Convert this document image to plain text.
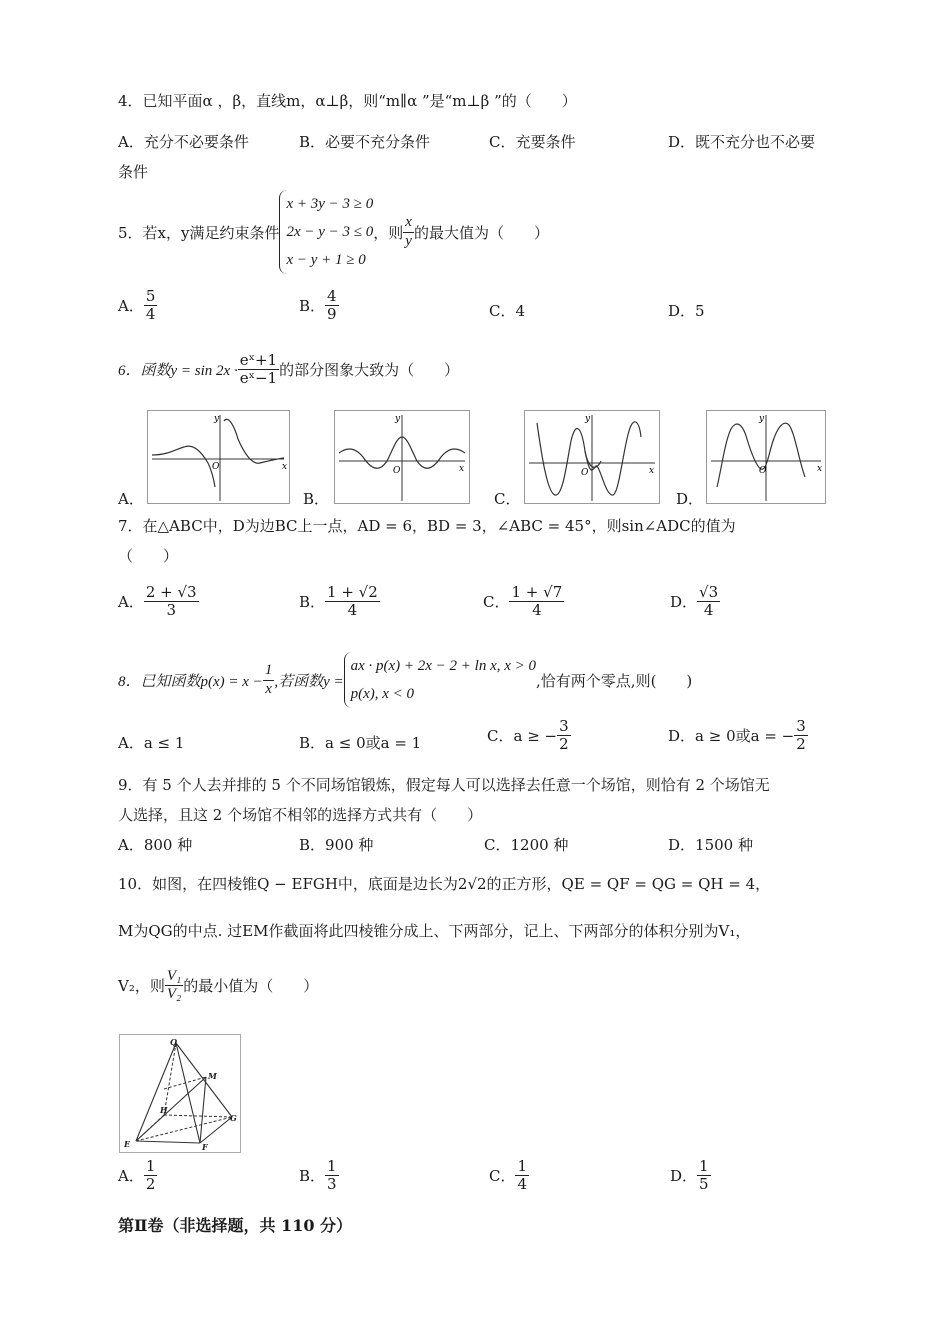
4．已知平面α ，β，直线m，α⊥β，则“m∥α ”是“m⊥β ”的（　　）
A．充分不必要条件	B．必要不充分条件	C．充要条件	D．既不充分也不必要
条件
5．若x，y满足约束条件
x + 3y − 3 ≥ 0
2x − y − 3 ≤ 0
x − y + 1 ≥ 0
，则 $\frac{x}{y}$ 的最大值为（　　）
A． $\frac{5}{4}$	B． $\frac{4}{9}$	C．4	D．5
6．函数$y = \sin 2x \cdot \frac{\text{eˣ+1}}{\text{eˣ−1}}$ 的部分图象大致为（　　）
A．	B．	C．	D．
x
y
O	x
y
O	x
y
O	x
y
O
7．在△ABC中，D为边BC上一点，AD = 6，BD = 3，∠ABC = 45°，则sin∠ADC的值为
（　　）
A． $\frac{2 + √3}{3}$	B． $\frac{1 + √2}{4}$	C． $\frac{1 + √7}{4}$	D． $\frac{√3}{4}$
8．已知函数$p(x) = x - \frac{1}{x}$ ,若函数y =
ax · p(x) + 2x − 2 + ln x, x > 0
p(x), x < 0
,恰有两个零点,则(　　)
A．a ≤ 1	B．a ≤ 0或a = 1	C．a ≥ − $\frac{3}{2}$	D．a ≥ 0或a = − $\frac{3}{2}$
9．有 5 个人去并排的 5 个不同场馆锻炼，假定每人可以选择去任意一个场馆，则恰有 2 个场馆无
人选择，且这 2 个场馆不相邻的选择方式共有（　　）
A．800 种	B．900 种	C．1200 种	D．1500 种
10．如图，在四棱锥Q − EFGH中，底面是边长为2√2的正方形，QE = QF = QG = QH = 4，
M为QG的中点. 过EM作截面将此四棱锥分成上、下两部分，记上、下两部分的体积分别为V₁，
V₂，则 $\frac{\text{V₁}}{\text{V₂}}$ 的最小值为（　　）
Q
M
H
G
E	F
A． $\frac{1}{2}$	B． $\frac{1}{3}$	C． $\frac{1}{4}$	D． $\frac{1}{5}$
第Ⅱ卷（非选择题，共 110 分）
